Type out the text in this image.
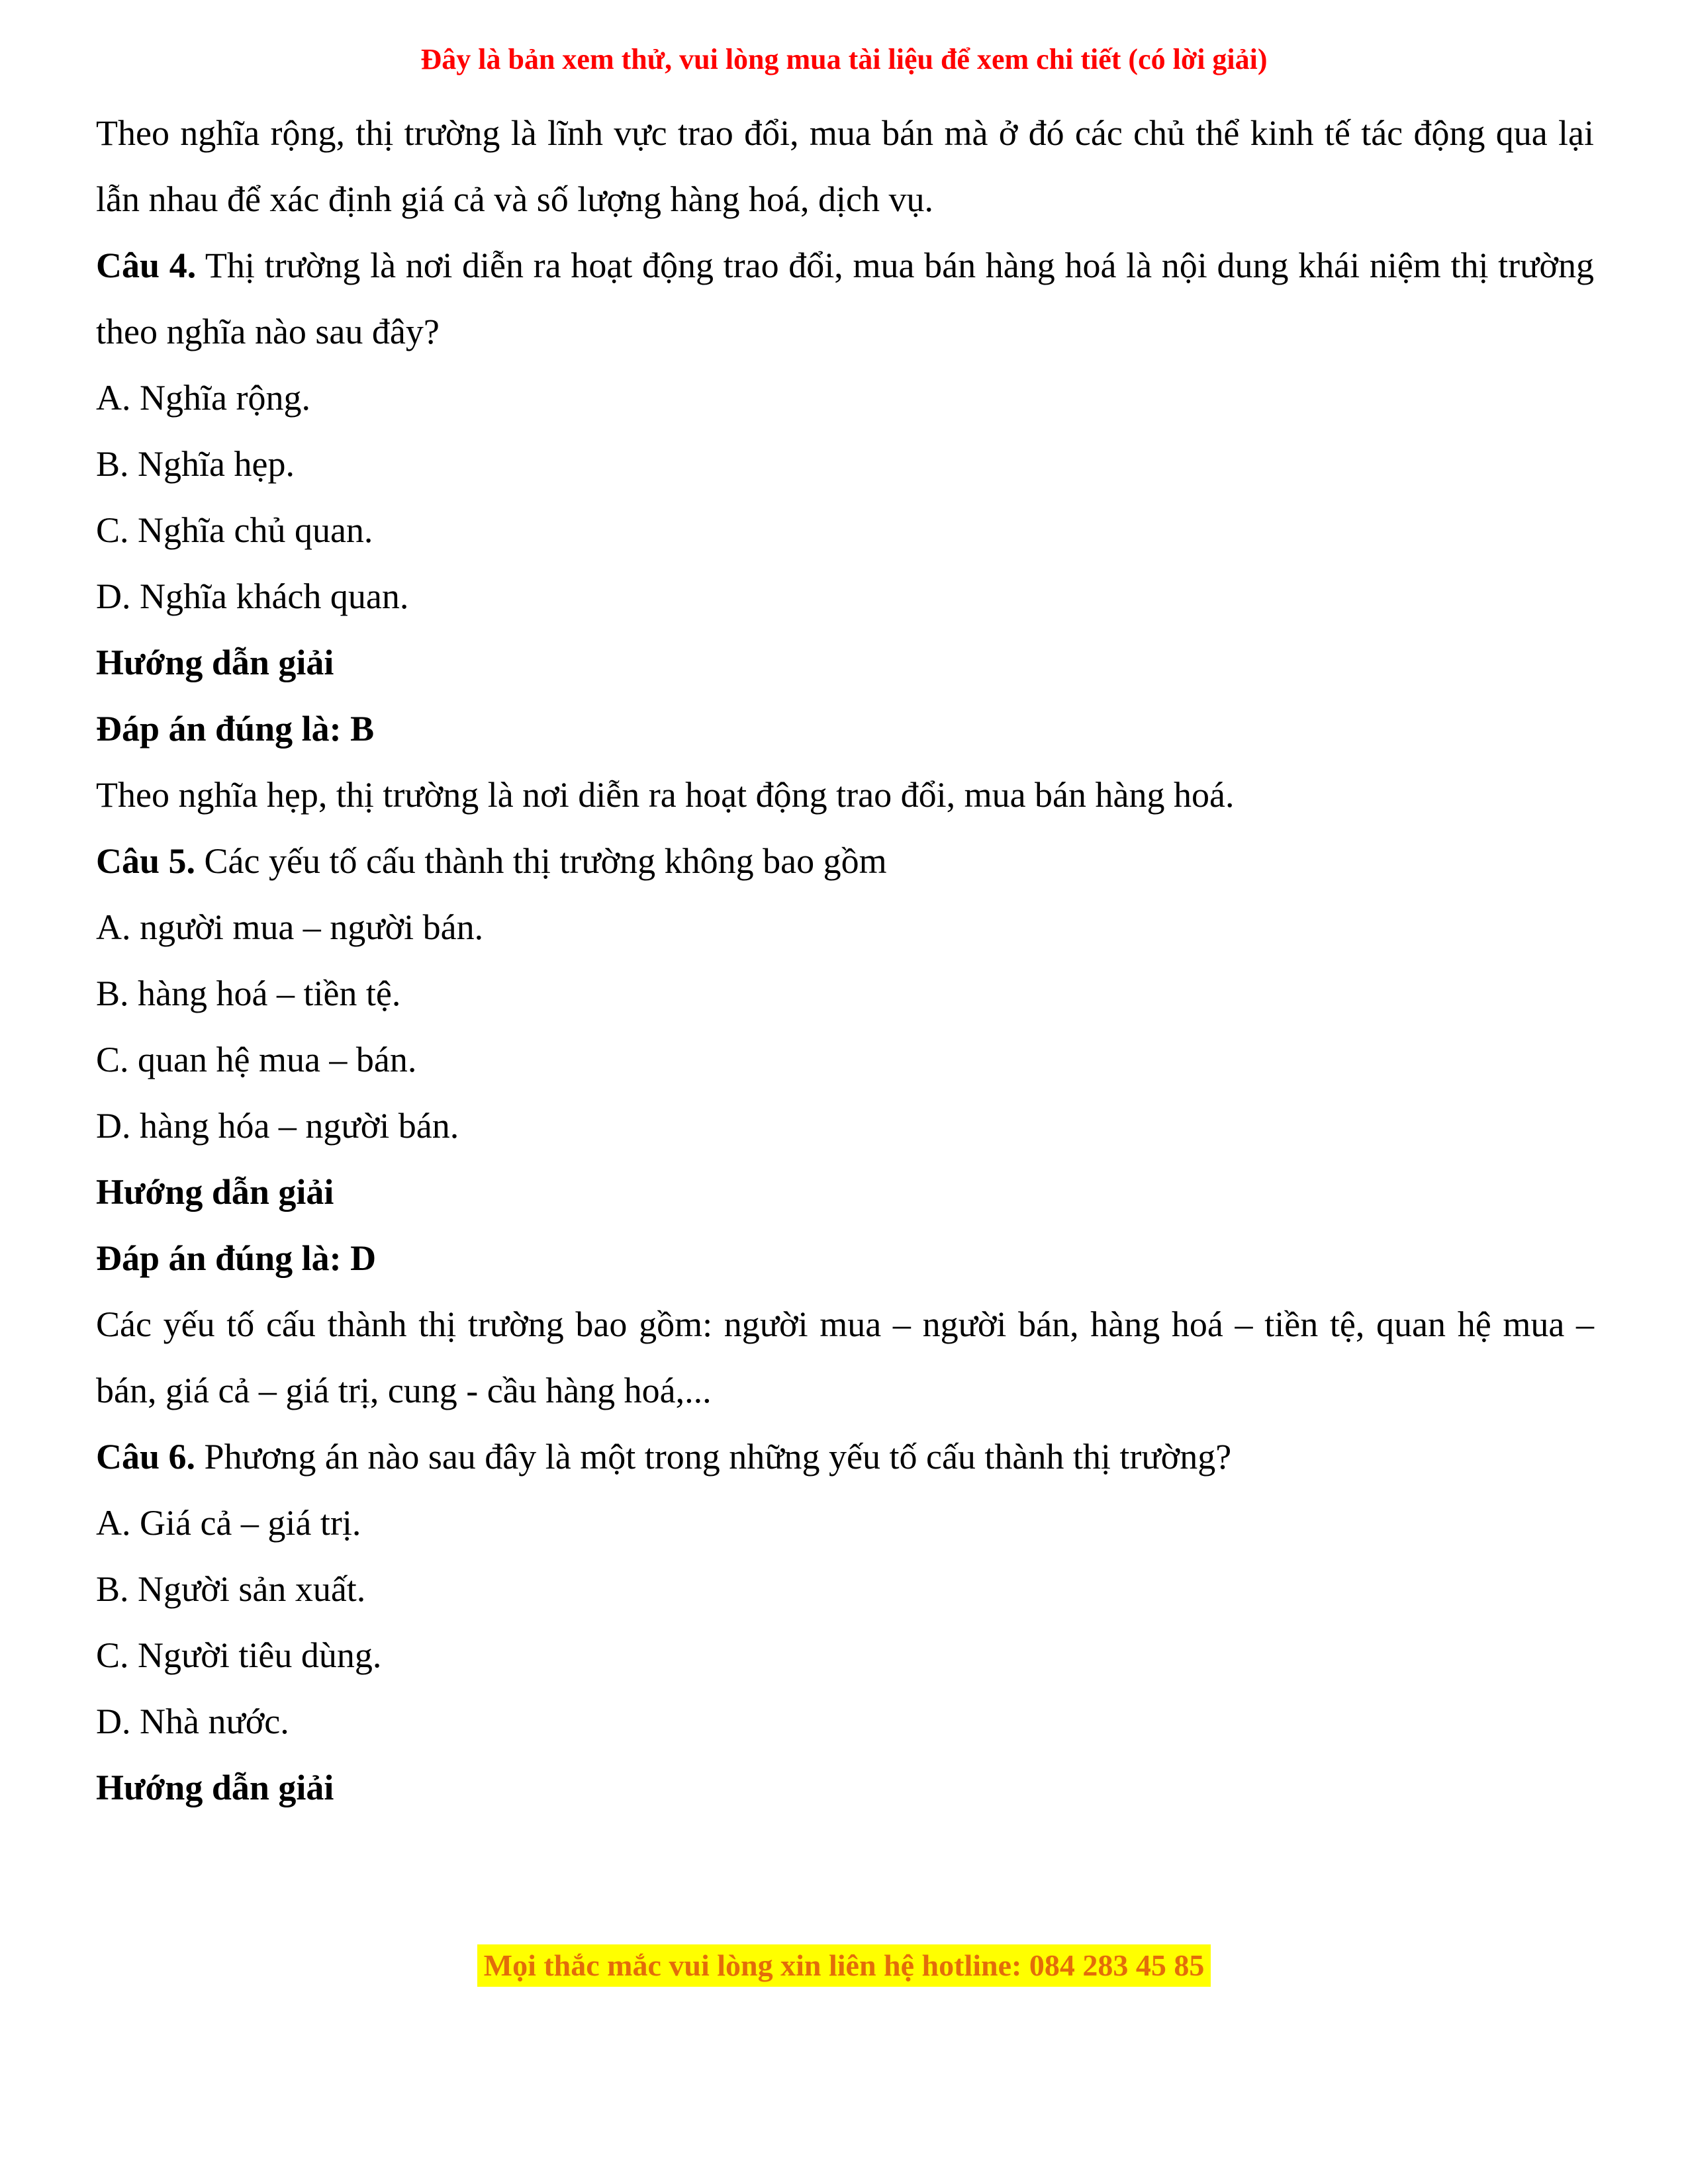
Đây là bản xem thử, vui lòng mua tài liệu để xem chi tiết (có lời giải)

Theo nghĩa rộng, thị trường là lĩnh vực trao đổi, mua bán mà ở đó các chủ thể kinh tế tác động qua lại lẫn nhau để xác định giá cả và số lượng hàng hoá, dịch vụ.

Câu 4. Thị trường là nơi diễn ra hoạt động trao đổi, mua bán hàng hoá là nội dung khái niệm thị trường theo nghĩa nào sau đây?

A. Nghĩa rộng.

B. Nghĩa hẹp.

C. Nghĩa chủ quan.

D. Nghĩa khách quan.

Hướng dẫn giải

Đáp án đúng là: B

Theo nghĩa hẹp, thị trường là nơi diễn ra hoạt động trao đổi, mua bán hàng hoá.

Câu 5. Các yếu tố cấu thành thị trường không bao gồm

A. người mua – người bán.

B. hàng hoá – tiền tệ.

C. quan hệ mua – bán.

D. hàng hóa – người bán.

Hướng dẫn giải

Đáp án đúng là: D

Các yếu tố cấu thành thị trường bao gồm: người mua – người bán, hàng hoá – tiền tệ, quan hệ mua – bán, giá cả – giá trị, cung - cầu hàng hoá,...

Câu 6. Phương án nào sau đây là một trong những yếu tố cấu thành thị trường?

A. Giá cả – giá trị.

B. Người sản xuất.

C. Người tiêu dùng.

D. Nhà nước.

Hướng dẫn giải

Mọi thắc mắc vui lòng xin liên hệ hotline: 084 283 45 85
